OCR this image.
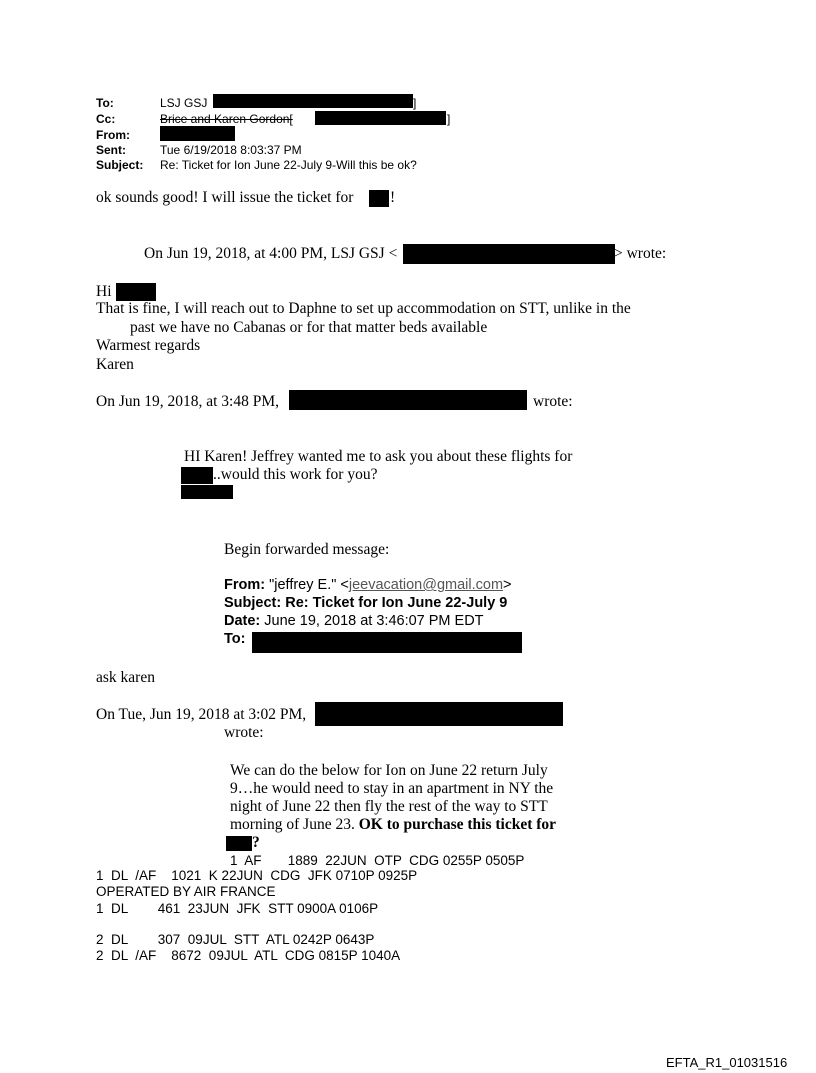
To:	LSJ GSJ	]
Cc:	Brice and Karen Gordon[	]
From:
Sent:	Tue 6/19/2018 8:03:37 PM
Subject: Re: Ticket for Ion June 22-July 9-Will this be ok?
ok sounds good! I will issue the ticket for !
On Jun 19, 2018, at 4:00 PM, LSJ GSJ <	> wrote:
Hi
That is fine, I will reach out to Daphne to set up accommodation on STT, unlike in the
past we have no Cabanas or for that matter beds available
Warmest regards
Karen
On Jun 19, 2018, at 3:48 PM,	wrote:
HI Karen! Jeffrey wanted me to ask you about these flights for
..would this work for you?
Begin forwarded message:
From: "jeffrey E." <jeevacation@gmail.com>
Subject: Re: Ticket for Ion June 22-July 9
Date: June 19, 2018 at 3:46:07 PM EDT
To:
ask karen
On Tue, Jun 19, 2018 at 3:02 PM,
wrote:
We can do the below for Ion on June 22 return July
9…he would need to stay in an apartment in NY the
night of June 22 then fly the rest of the way to STT
morning of June 23. OK to purchase this ticket for
?
1  AF       1889  22JUN  OTP  CDG 0255P 0505P
1  DL  /AF    1021  K 22JUN  CDG  JFK 0710P 0925P
OPERATED BY AIR FRANCE
1  DL        461  23JUN  JFK  STT 0900A 0106P
2  DL        307  09JUL  STT  ATL 0242P 0643P
2  DL  /AF    8672  09JUL  ATL  CDG 0815P 1040A
EFTA_R1_01031516
